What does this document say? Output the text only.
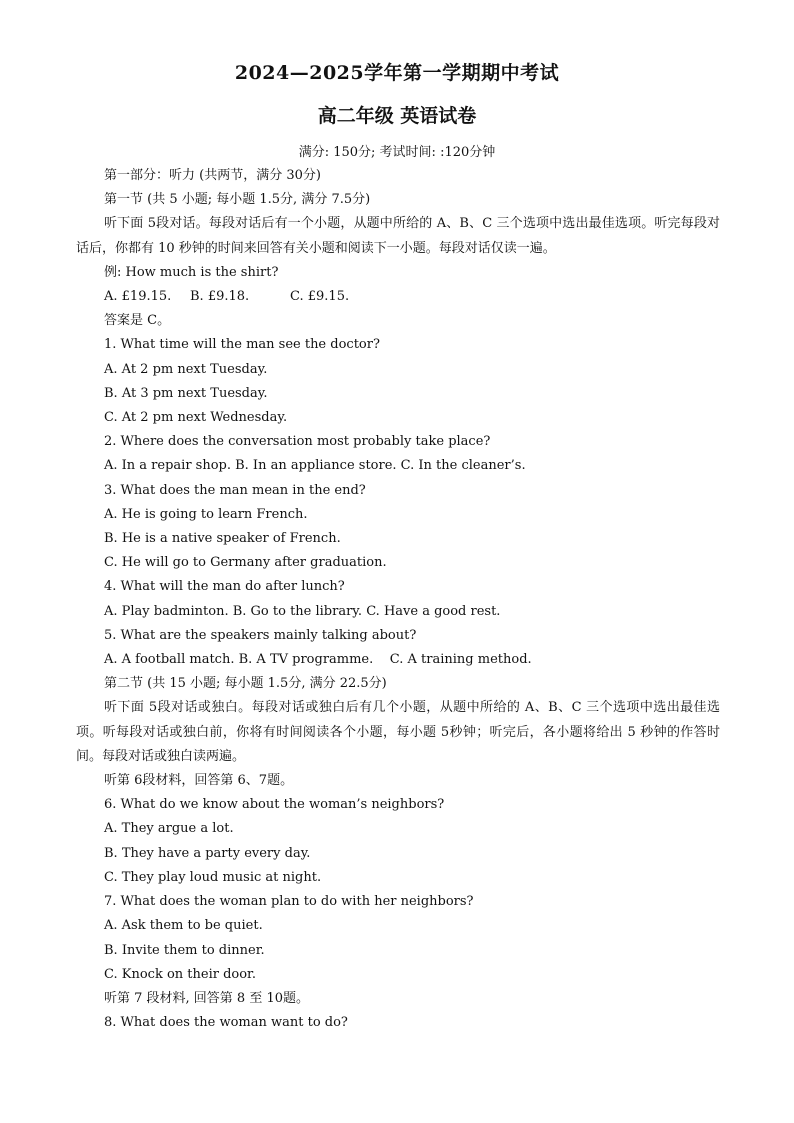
2024—2025学年第一学期期中考试
高二年级 英语试卷
满分: 150分; 考试时间: :120分钟
第一部分：听力 (共两节，满分 30分)
第一节 (共 5 小题; 每小题 1.5分, 满分 7.5分)
听下面 5段对话。每段对话后有一个小题，从题中所给的 A、B、C 三个选项中选出最佳选项。听完每段对话后，你都有 10 秒钟的时间来回答有关小题和阅读下一小题。每段对话仅读一遍。
例: How much is the shirt?
A. £19.15. B. £9.18.	C. £9.15.
答案是 C。
1. What time will the man see the doctor?
A. At 2 pm next Tuesday.
B. At 3 pm next Tuesday.
C. At 2 pm next Wednesday.
2. Where does the conversation most probably take place?
A. In a repair shop. B. In an appliance store. C. In the cleaner’s.
3. What does the man mean in the end?
A. He is going to learn French.
B. He is a native speaker of French.
C. He will go to Germany after graduation.
4. What will the man do after lunch?
A. Play badminton. B. Go to the library. C. Have a good rest.
5. What are the speakers mainly talking about?
A. A football match. B. A TV programme.    C. A training method.
第二节 (共 15 小题; 每小题 1.5分, 满分 22.5分)
听下面 5段对话或独白。每段对话或独白后有几个小题，从题中所给的 A、B、C 三个选项中选出最佳选项。听每段对话或独白前，你将有时间阅读各个小题，每小题 5秒钟；听完后，各小题将给出 5 秒钟的作答时间。每段对话或独白读两遍。
听第 6段材料，回答第 6、7题。
6. What do we know about the woman’s neighbors?
A. They argue a lot.
B. They have a party every day.
C. They play loud music at night.
7. What does the woman plan to do with her neighbors?
A. Ask them to be quiet.
B. Invite them to dinner.
C. Knock on their door.
听第 7 段材料, 回答第 8 至 10题。
8. What does the woman want to do?
